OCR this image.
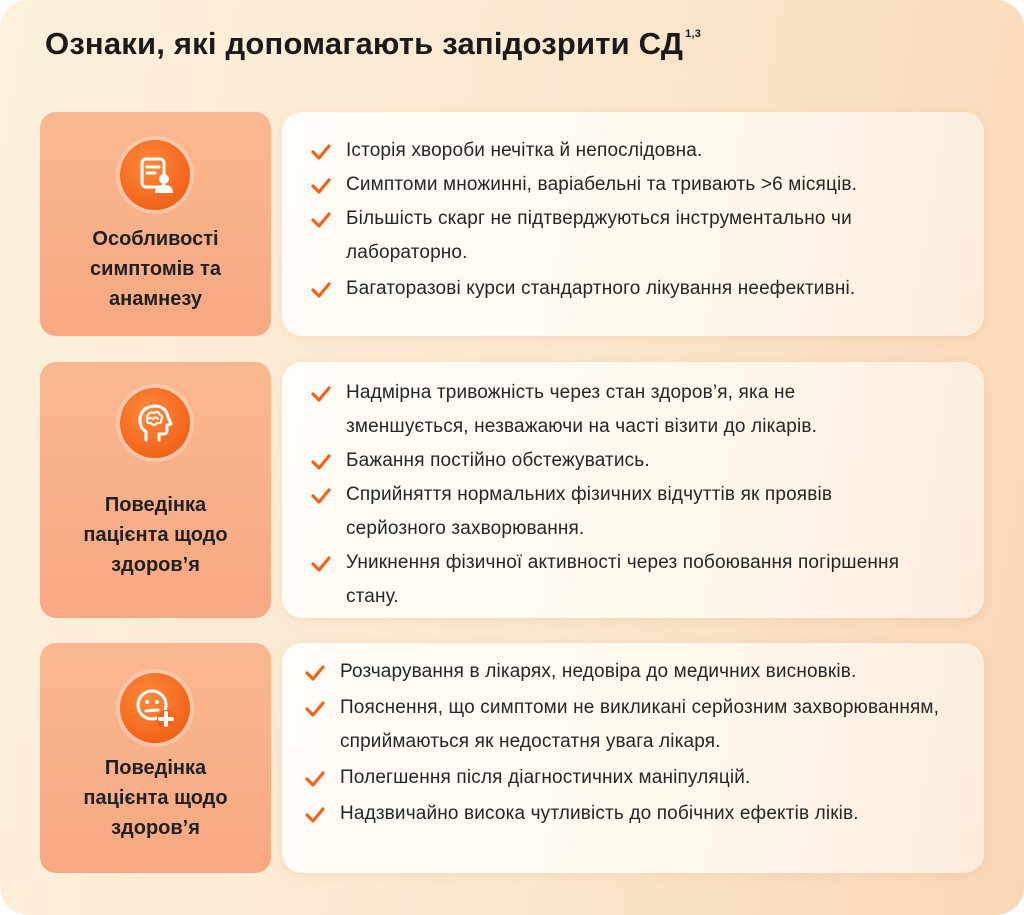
Ознаки, які допомагають запідозрити СД $^{1,3}$
Особливості
симптомів та
анамнезу
Історія хвороби нечітка й непослідовна.
Симптоми множинні, варіабельні та тривають >6 місяців.
Більшість скарг не підтверджуються інструментально чи лабораторно.
Багаторазові курси стандартного лікування неефективні.
Поведінка
пацієнта щодо
здоров’я
Надмірна тривожність через стан здоров’я, яка не зменшується, незважаючи на часті візити до лікарів.
Бажання постійно обстежуватись.
Сприйняття нормальних фізичних відчуттів як проявів серйозного захворювання.
Уникнення фізичної активності через побоювання погіршення стану.
Поведінка
пацієнта щодо
здоров’я
Розчарування в лікарях, недовіра до медичних висновків.
Пояснення, що симптоми не викликані серйозним захворюванням, сприймаються як недостатня увага лікаря.
Полегшення після діагностичних маніпуляцій.
Надзвичайно висока чутливість до побічних ефектів ліків.
